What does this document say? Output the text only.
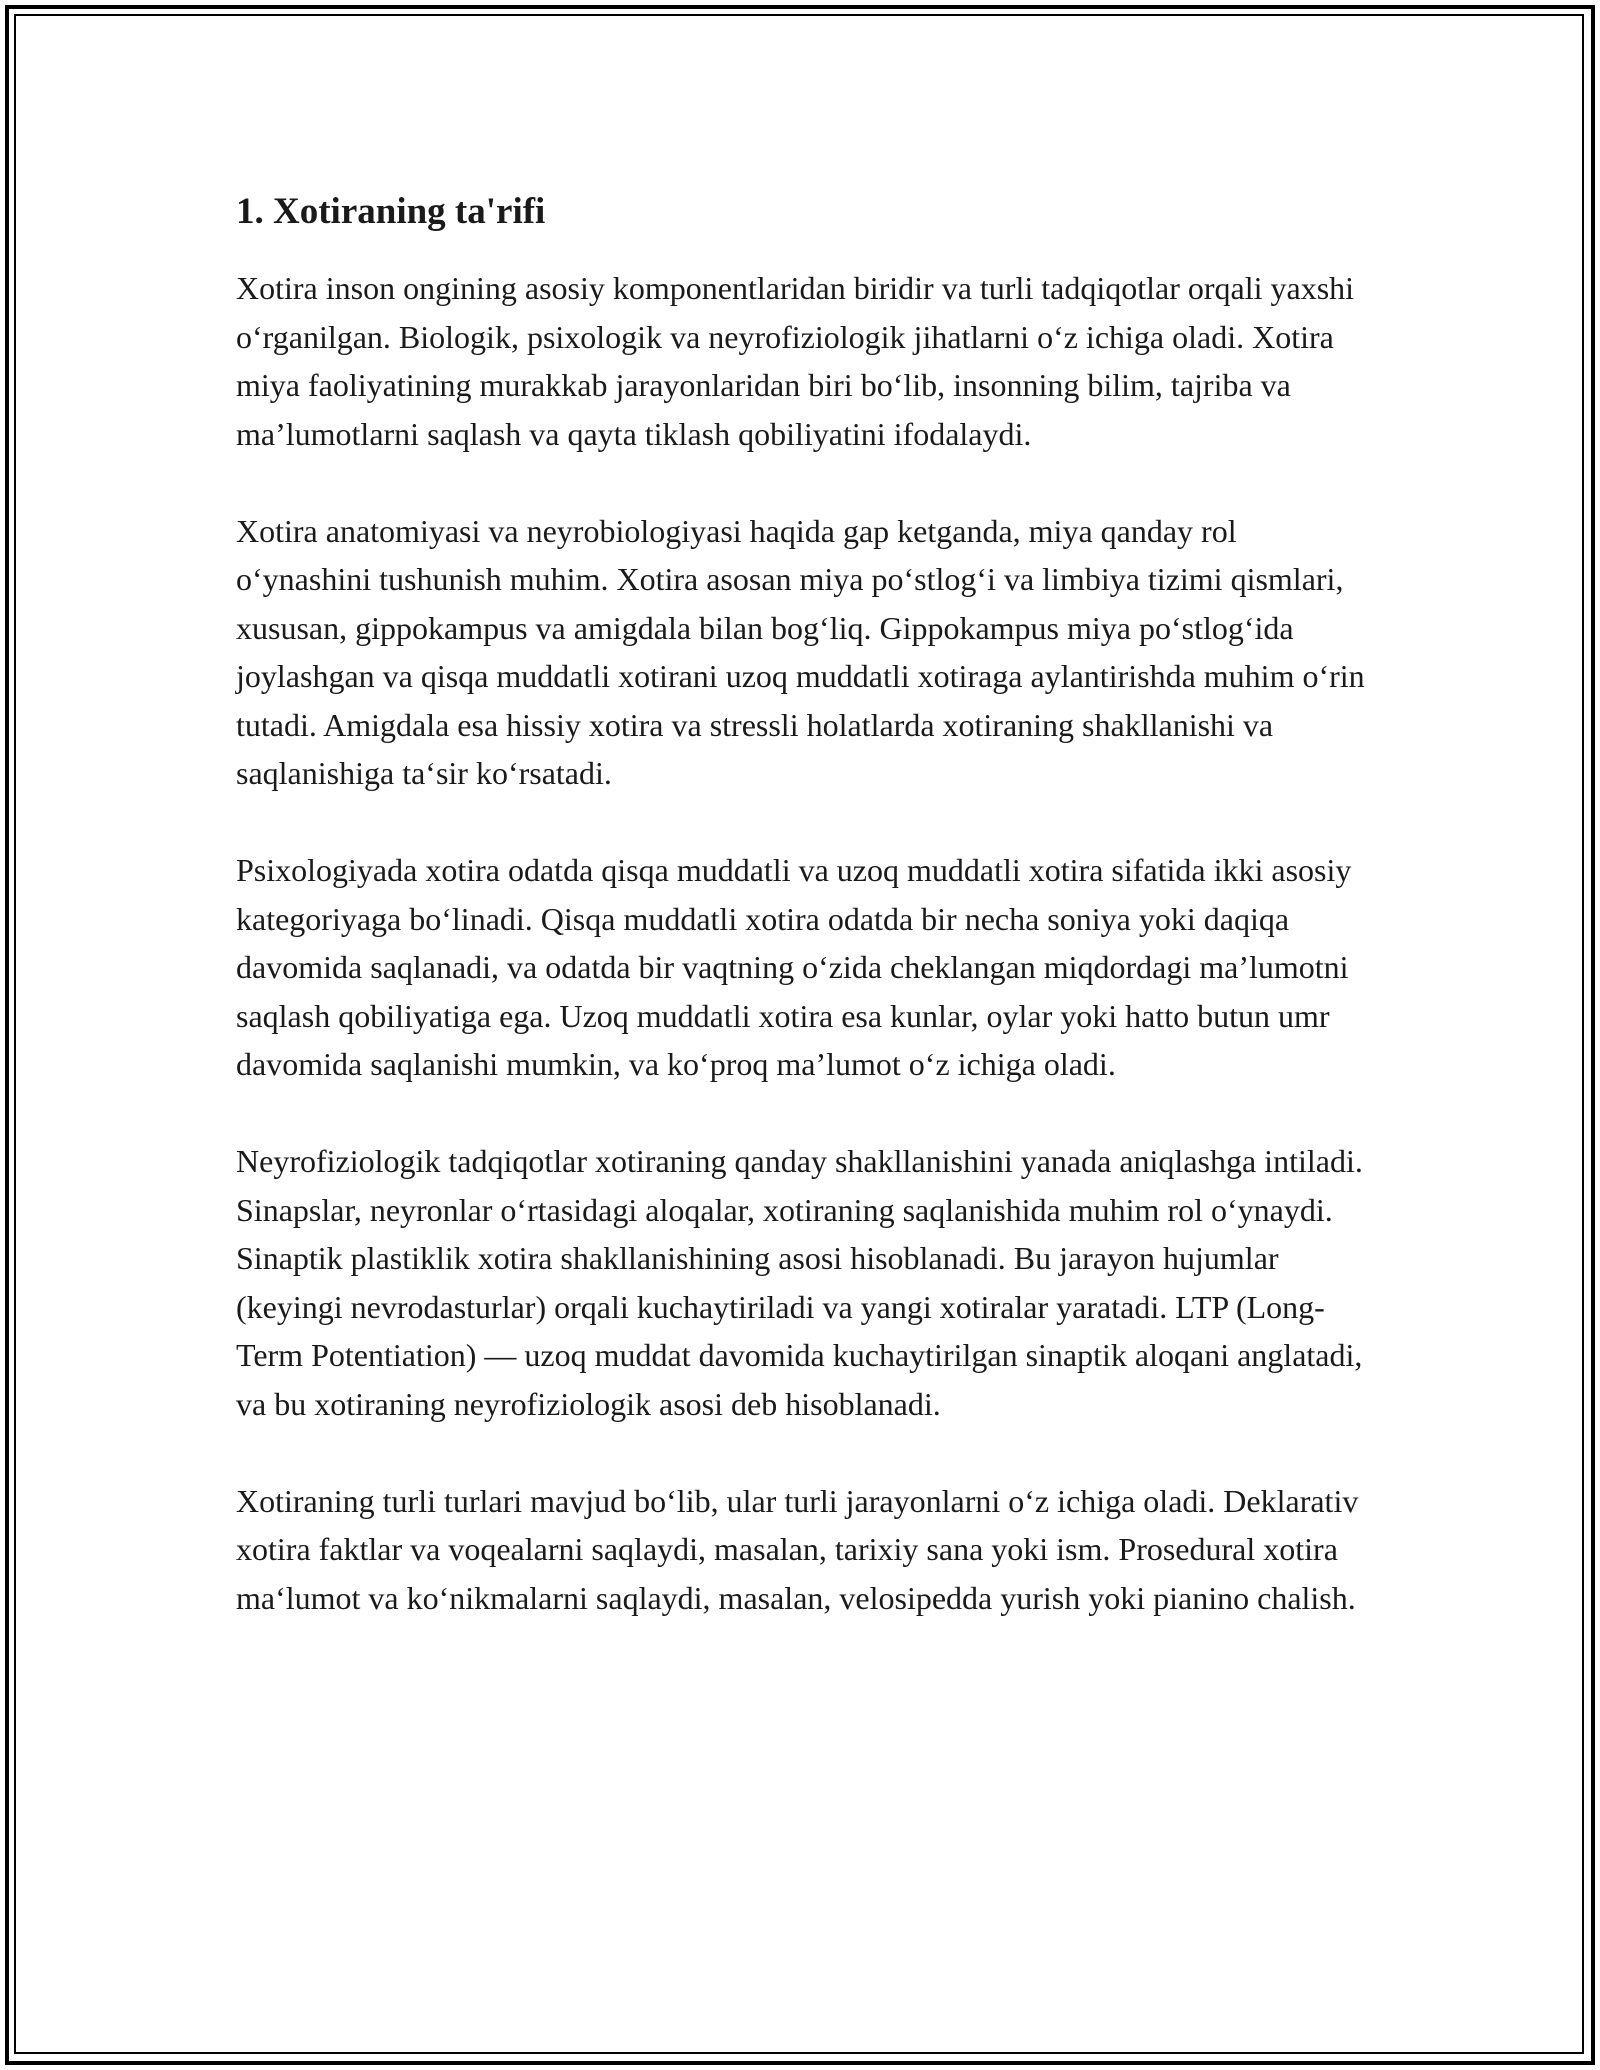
1. Xotiraning ta'rifi

Xotira inson ongining asosiy komponentlaridan biridir va turli tadqiqotlar orqali yaxshi o‘rganilgan. Biologik, psixologik va neyrofiziologik jihatlarni o‘z ichiga oladi. Xotira miya faoliyatining murakkab jarayonlaridan biri bo‘lib, insonning bilim, tajriba va ma’lumotlarni saqlash va qayta tiklash qobiliyatini ifodalaydi.

Xotira anatomiyasi va neyrobiologiyasi haqida gap ketganda, miya qanday rol o‘ynashini tushunish muhim. Xotira asosan miya po‘stlog‘i va limbiya tizimi qismlari, xususan, gippokampus va amigdala bilan bog‘liq. Gippokampus miya po‘stlog‘ida joylashgan va qisqa muddatli xotirani uzoq muddatli xotiraga aylantirishda muhim o‘rin tutadi. Amigdala esa hissiy xotira va stressli holatlarda xotiraning shakllanishi va saqlanishiga ta‘sir ko‘rsatadi.

Psixologiyada xotira odatda qisqa muddatli va uzoq muddatli xotira sifatida ikki asosiy kategoriyaga bo‘linadi. Qisqa muddatli xotira odatda bir necha soniya yoki daqiqa davomida saqlanadi, va odatda bir vaqtning o‘zida cheklangan miqdordagi ma’lumotni saqlash qobiliyatiga ega. Uzoq muddatli xotira esa kunlar, oylar yoki hatto butun umr davomida saqlanishi mumkin, va ko‘proq ma’lumot o‘z ichiga oladi.

Neyrofiziologik tadqiqotlar xotiraning qanday shakllanishini yanada aniqlashga intiladi. Sinapslar, neyronlar o‘rtasidagi aloqalar, xotiraning saqlanishida muhim rol o‘ynaydi. Sinaptik plastiklik xotira shakllanishining asosi hisoblanadi. Bu jarayon hujumlar (keyingi nevrodasturlar) orqali kuchaytiriladi va yangi xotiralar yaratadi. LTP (Long-Term Potentiation) — uzoq muddat davomida kuchaytirilgan sinaptik aloqani anglatadi, va bu xotiraning neyrofiziologik asosi deb hisoblanadi.

Xotiraning turli turlari mavjud bo‘lib, ular turli jarayonlarni o‘z ichiga oladi. Deklarativ xotira faktlar va voqealarni saqlaydi, masalan, tarixiy sana yoki ism. Prosedural xotira ma‘lumot va ko‘nikmalarni saqlaydi, masalan, velosipedda yurish yoki pianino chalish.
